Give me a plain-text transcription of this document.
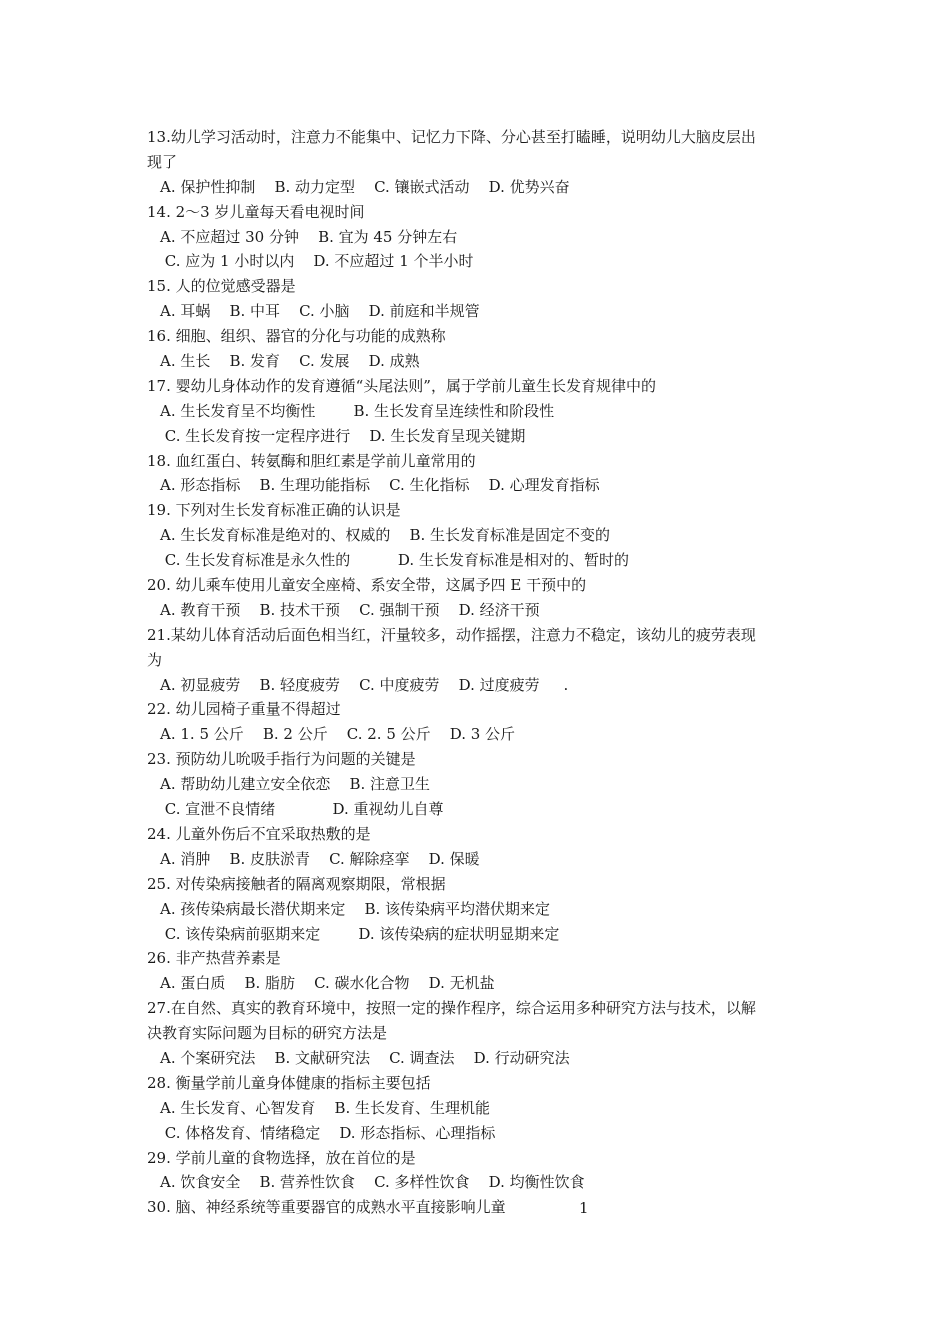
13.幼儿学习活动时，注意力不能集中、记忆力下降、分心甚至打瞌睡，说明幼儿大脑皮层出
现了
A. 保护性抑制    B. 动力定型    C. 镶嵌式活动    D. 优势兴奋
14. 2～3 岁儿童每天看电视时间
A. 不应超过 30 分钟    B. 宜为 45 分钟左右
C. 应为 1 小时以内    D. 不应超过 1 个半小时
15. 人的位觉感受器是
A. 耳蜗    B. 中耳    C. 小脑    D. 前庭和半规管
16. 细胞、组织、器官的分化与功能的成熟称
A. 生长    B. 发育    C. 发展    D. 成熟
17. 婴幼儿身体动作的发育遵循“头尾法则”，属于学前儿童生长发育规律中的
A. 生长发育呈不均衡性        B. 生长发育呈连续性和阶段性
C. 生长发育按一定程序进行    D. 生长发育呈现关键期
18. 血红蛋白、转氨酶和胆红素是学前儿童常用的
A. 形态指标    B. 生理功能指标    C. 生化指标    D. 心理发育指标
19. 下列对生长发育标准正确的认识是
A. 生长发育标准是绝对的、权威的    B. 生长发育标准是固定不变的
C. 生长发育标准是永久性的          D. 生长发育标准是相对的、暂时的
20. 幼儿乘车使用儿童安全座椅、系安全带，这属予四 E 干预中的
A. 教育干预    B. 技术干预    C. 强制干预    D. 经济干预
21.某幼儿体育活动后面色相当红，汗量较多，动作摇摆，注意力不稳定，该幼儿的疲劳表现
为
A. 初显疲劳    B. 轻度疲劳    C. 中度疲劳    D. 过度疲劳     .
22. 幼儿园椅子重量不得超过
A. 1. 5 公斤    B. 2 公斤    C. 2. 5 公斤    D. 3 公斤
23. 预防幼儿吮吸手指行为问题的关键是
A. 帮助幼儿建立安全依恋    B. 注意卫生
C. 宣泄不良情绪            D. 重视幼儿自尊
24. 儿童外伤后不宜采取热敷的是
A. 消肿    B. 皮肤淤青    C. 解除痉挛    D. 保暖
25. 对传染病接触者的隔离观察期限，常根据
A. 孩传染病最长潜伏期来定    B. 该传染病平均潜伏期来定
C. 该传染病前驱期来定        D. 该传染病的症状明显期来定
26. 非产热营养素是
A. 蛋白质    B. 脂肪    C. 碳水化合物    D. 无机盐
27.在自然、真实的教育环境中，按照一定的操作程序，综合运用多种研究方法与技术，以解
决教育实际问题为目标的研究方法是
A. 个案研究法    B. 文献研究法    C. 调查法    D. 行动研究法
28. 衡量学前儿童身体健康的指标主要包括
A. 生长发育、心智发育    B. 生长发育、生理机能
C. 体格发育、情绪稳定    D. 形态指标、心理指标
29. 学前儿童的食物选择，放在首位的是
A. 饮食安全    B. 营养性饮食    C. 多样性饮食    D. 均衡性饮食
30. 脑、神经系统等重要器官的成熟水平直接影响儿童	1
